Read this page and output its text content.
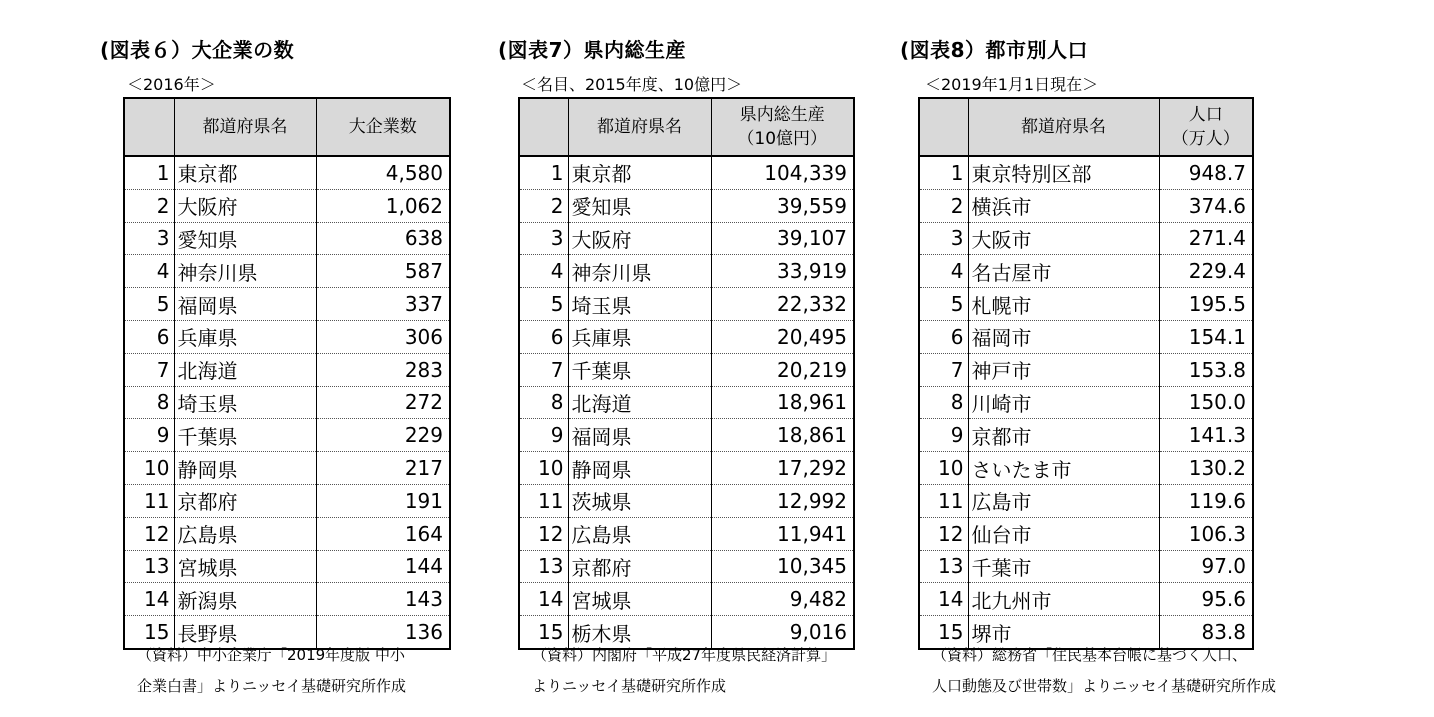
(図表６）大企業の数
＜2016年＞
	都道府県名	大企業数
1	東京都	4,580
2	大阪府	1,062
3	愛知県	638
4	神奈川県	587
5	福岡県	337
6	兵庫県	306
7	北海道	283
8	埼玉県	272
9	千葉県	229
10	静岡県	217
11	京都府	191
12	広島県	164
13	宮城県	144
14	新潟県	143
15	長野県	136
（資料）中小企業庁「2019年度版 中小
企業白書」よりニッセイ基礎研究所作成
(図表7）県内総生産
＜名目、2015年度、10億円＞
	都道府県名	県内総生産
（10億円）

1	東京都	104,339
2	愛知県	39,559
3	大阪府	39,107
4	神奈川県	33,919
5	埼玉県	22,332
6	兵庫県	20,495
7	千葉県	20,219
8	北海道	18,961
9	福岡県	18,861
10	静岡県	17,292
11	茨城県	12,992
12	広島県	11,941
13	京都府	10,345
14	宮城県	9,482
15	栃木県	9,016
（資料）内閣府「平成27年度県民経済計算」
よりニッセイ基礎研究所作成
(図表8）都市別人口
＜2019年1月1日現在＞
	都道府県名	人口
（万人）

1	東京特別区部	948.7
2	横浜市	374.6
3	大阪市	271.4
4	名古屋市	229.4
5	札幌市	195.5
6	福岡市	154.1
7	神戸市	153.8
8	川崎市	150.0
9	京都市	141.3
10	さいたま市	130.2
11	広島市	119.6
12	仙台市	106.3
13	千葉市	97.0
14	北九州市	95.6
15	堺市	83.8
（資料）総務省「住民基本台帳に基づく人口、
人口動態及び世帯数」よりニッセイ基礎研究所作成
